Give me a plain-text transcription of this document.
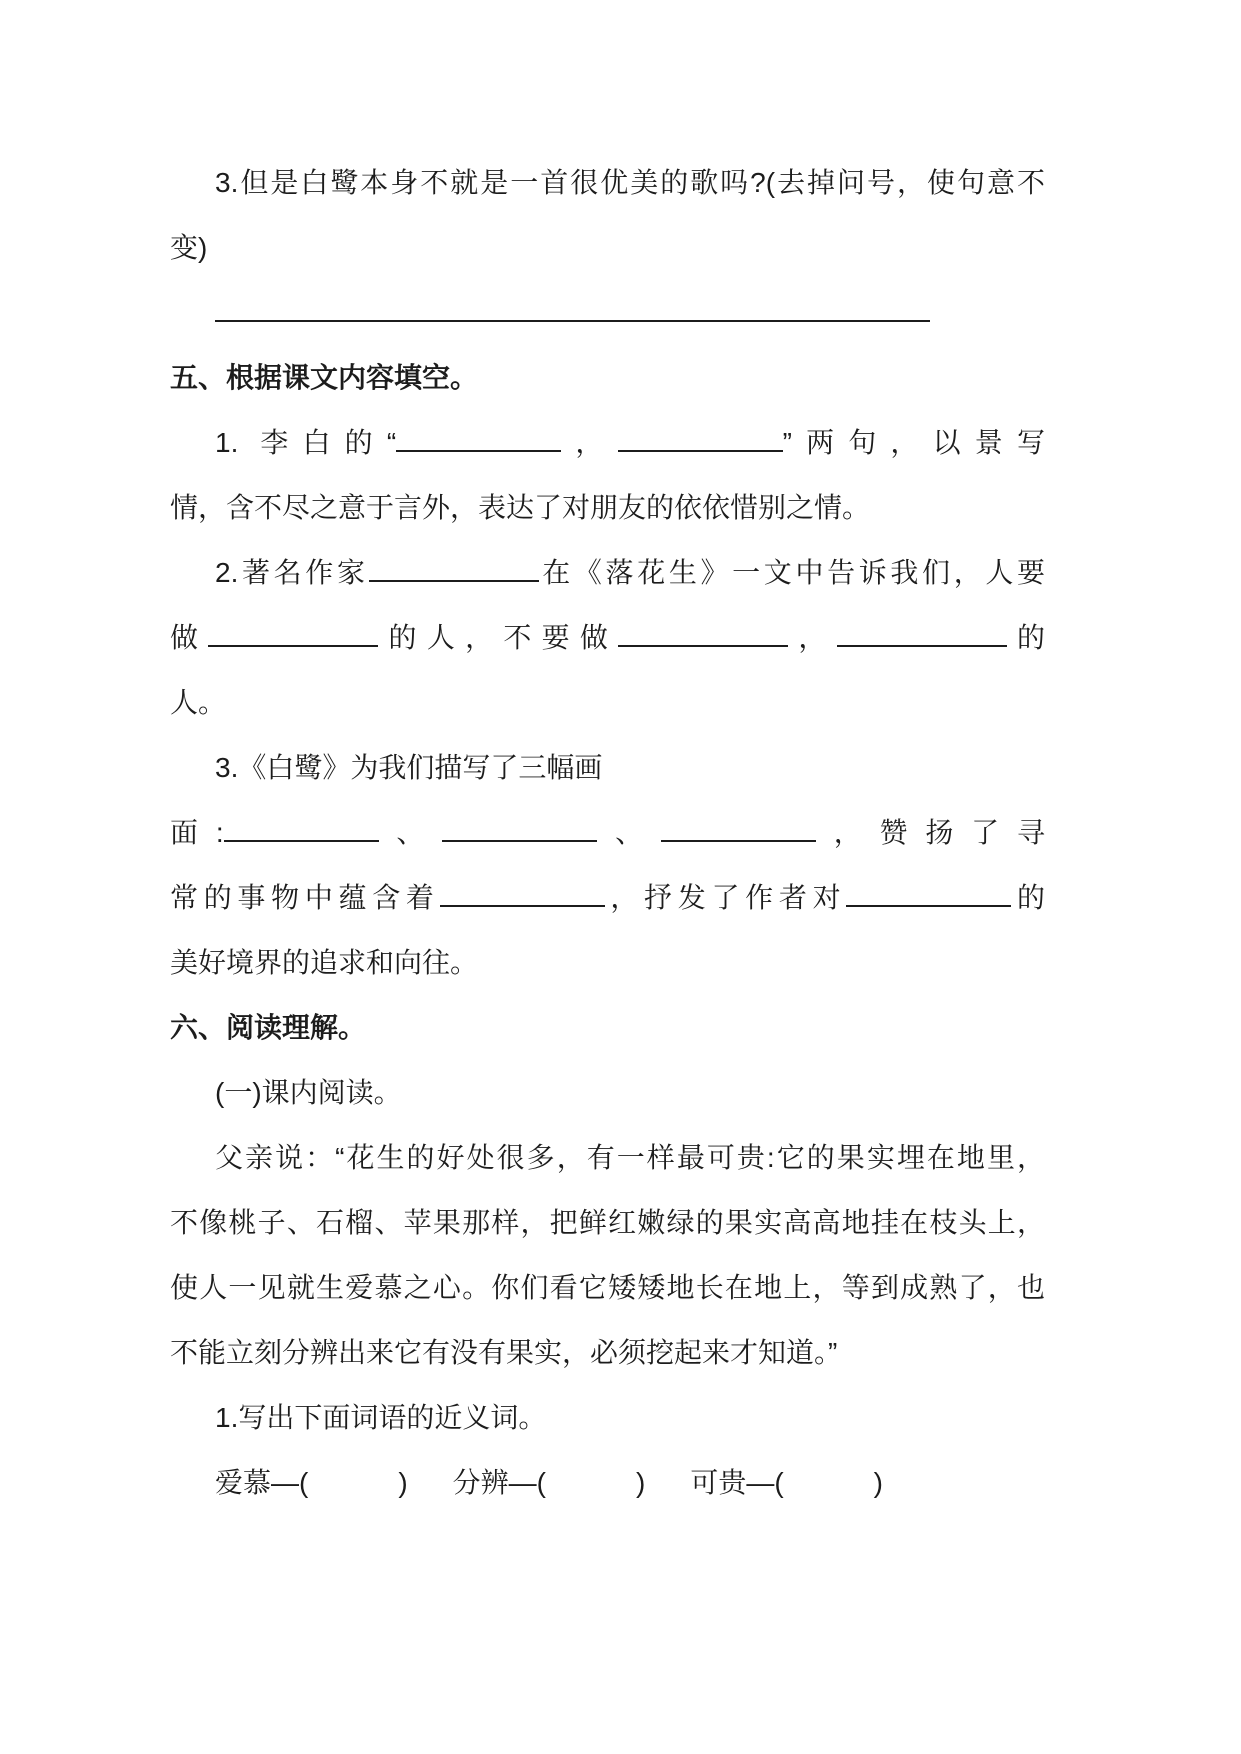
3.但是白鹭本身不就是一首很优美的歌吗?(去掉问号，使句意不
变)
五、根据课文内容填空。
1. 李白的“	，	”两句，以景写
情，含不尽之意于言外，表达了对朋友的依依惜别之情。
2.著名作家	在《落花生》一文中告诉我们，人要
做	的人，不要做	，	的
人。
3.《白鹭》为我们描写了三幅画
面:	、	、	，赞扬了寻
常的事物中蕴含着	，抒发了作者对	的
美好境界的追求和向往。
六、阅读理解。
(一)课内阅读。
父亲说：“花生的好处很多，有一样最可贵:它的果实埋在地里，
不像桃子、石榴、苹果那样，把鲜红嫩绿的果实高高地挂在枝头上，
使人一见就生爱慕之心。你们看它矮矮地长在地上，等到成熟了，也
不能立刻分辨出来它有没有果实，必须挖起来才知道。”
1.写出下面词语的近义词。
爱慕—(	) 分辨—(	) 可贵—(	)
